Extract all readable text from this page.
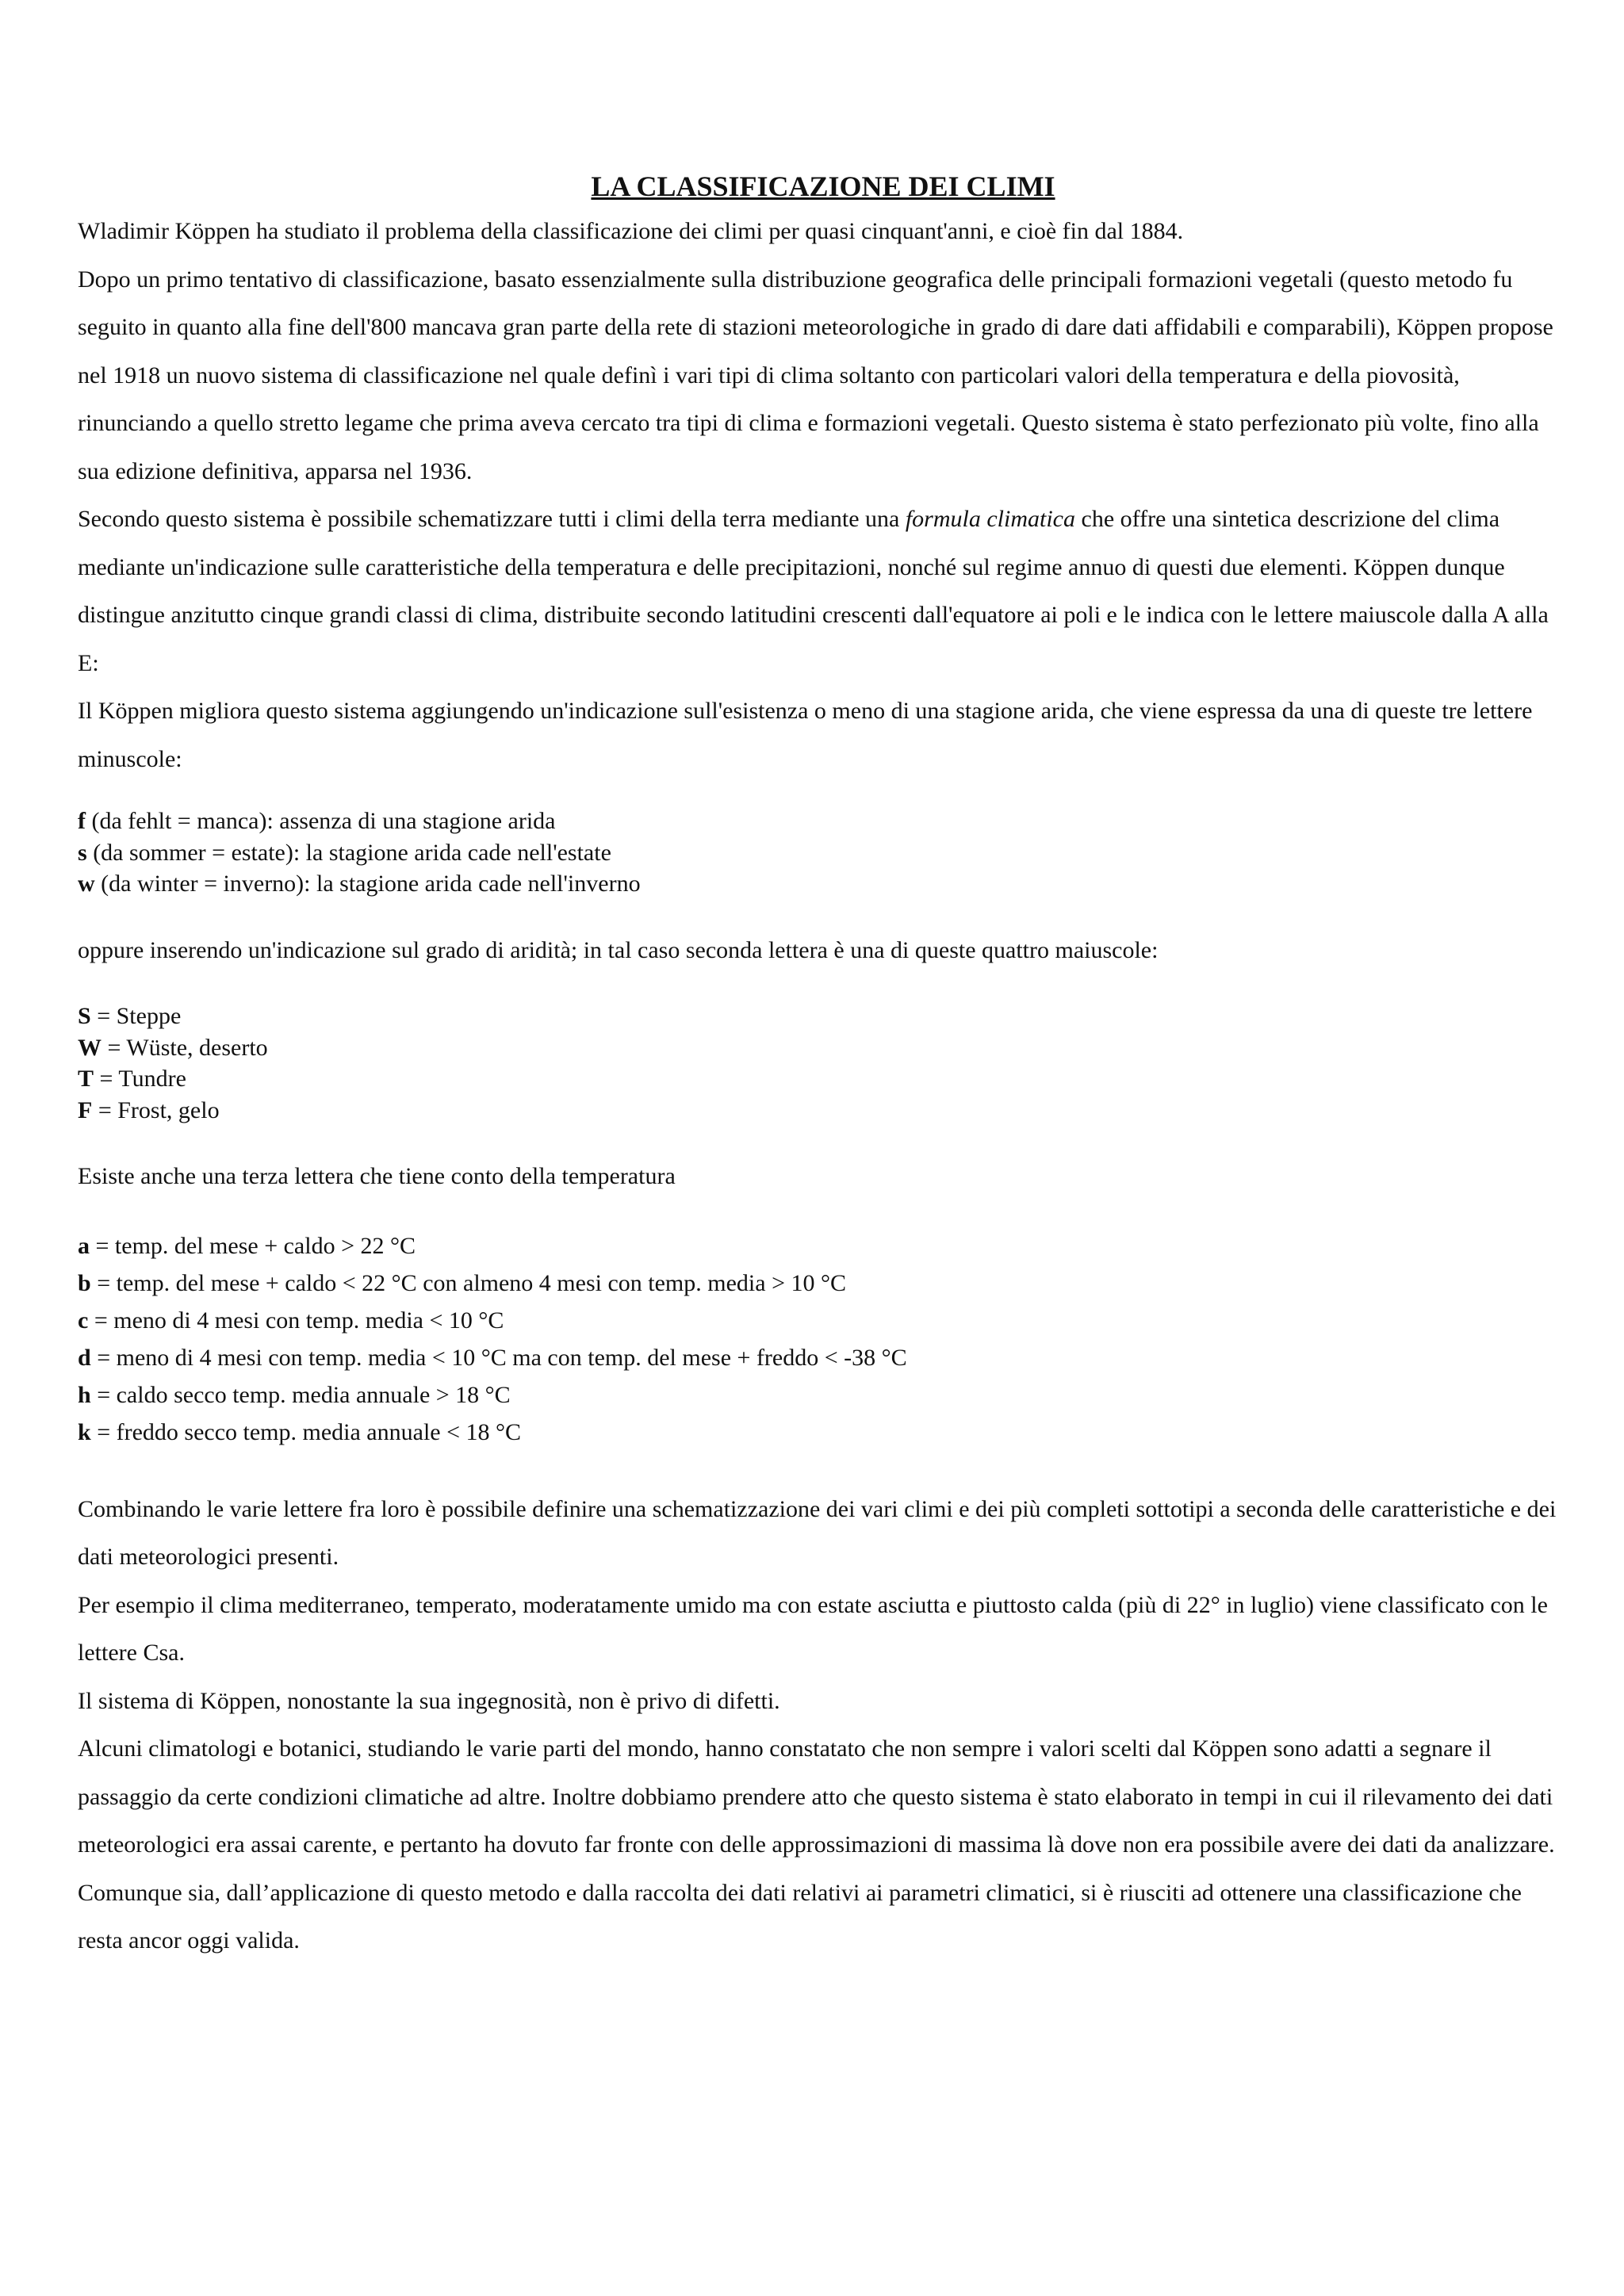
LA CLASSIFICAZIONE DEI CLIMI

Wladimir Köppen ha studiato il problema della classificazione dei climi per quasi cinquant'anni, e cioè fin dal 1884.

Dopo un primo tentativo di classificazione, basato essenzialmente sulla distribuzione geografica delle principali formazioni vegetali (questo metodo fu seguito in quanto alla fine dell'800 mancava gran parte della rete di stazioni meteorologiche in grado di dare dati affidabili e comparabili), Köppen propose nel 1918 un nuovo sistema di classificazione nel quale definì i vari tipi di clima soltanto con particolari valori della temperatura e della piovosità, rinunciando a quello stretto legame che prima aveva cercato tra tipi di clima e formazioni vegetali. Questo sistema è stato perfezionato più volte, fino alla sua edizione definitiva, apparsa nel 1936.

Secondo questo sistema è possibile schematizzare tutti i climi della terra mediante una formula climatica che offre una sintetica descrizione del clima mediante un'indicazione sulle caratteristiche della temperatura e delle precipitazioni, nonché sul regime annuo di questi due elementi. Köppen dunque distingue anzitutto cinque grandi classi di clima, distribuite secondo latitudini crescenti dall'equatore ai poli e le indica con le lettere maiuscole dalla A alla E:

Il Köppen migliora questo sistema aggiungendo un'indicazione sull'esistenza o meno di una stagione arida, che viene espressa da una di queste tre lettere minuscole:

f (da fehlt = manca): assenza di una stagione arida
s (da sommer = estate): la stagione arida cade nell'estate
w (da winter = inverno): la stagione arida cade nell'inverno
oppure inserendo un'indicazione sul grado di aridità; in tal caso seconda lettera è una di queste quattro maiuscole:
S = Steppe
W = Wüste, deserto
T = Tundre
F = Frost, gelo
Esiste anche una terza lettera che tiene conto della temperatura
a = temp. del mese + caldo > 22 °C
b = temp. del mese + caldo < 22 °C con almeno 4 mesi con temp. media > 10 °C
c = meno di 4 mesi con temp. media < 10 °C
d = meno di 4 mesi con temp. media < 10 °C ma con temp. del mese + freddo < -38 °C
h = caldo secco temp. media annuale > 18 °C
k = freddo secco temp. media annuale < 18 °C

Combinando le varie lettere fra loro è possibile definire una schematizzazione dei vari climi e dei più completi sottotipi a seconda delle caratteristiche e dei dati meteorologici presenti.

Per esempio il clima mediterraneo, temperato, moderatamente umido ma con estate asciutta e piuttosto calda (più di 22° in luglio) viene classificato con le lettere Csa.

Il sistema di Köppen, nonostante la sua ingegnosità, non è privo di difetti.

Alcuni climatologi e botanici, studiando le varie parti del mondo, hanno constatato che non sempre i valori scelti dal Köppen sono adatti a segnare il passaggio da certe condizioni climatiche ad altre. Inoltre dobbiamo prendere atto che questo sistema è stato elaborato in tempi in cui il rilevamento dei dati meteorologici era assai carente, e pertanto ha dovuto far fronte con delle approssimazioni di massima là dove non era possibile avere dei dati da analizzare.

Comunque sia, dall’applicazione di questo metodo e dalla raccolta dei dati relativi ai parametri climatici, si è riusciti ad ottenere una classificazione che resta ancor oggi valida.
